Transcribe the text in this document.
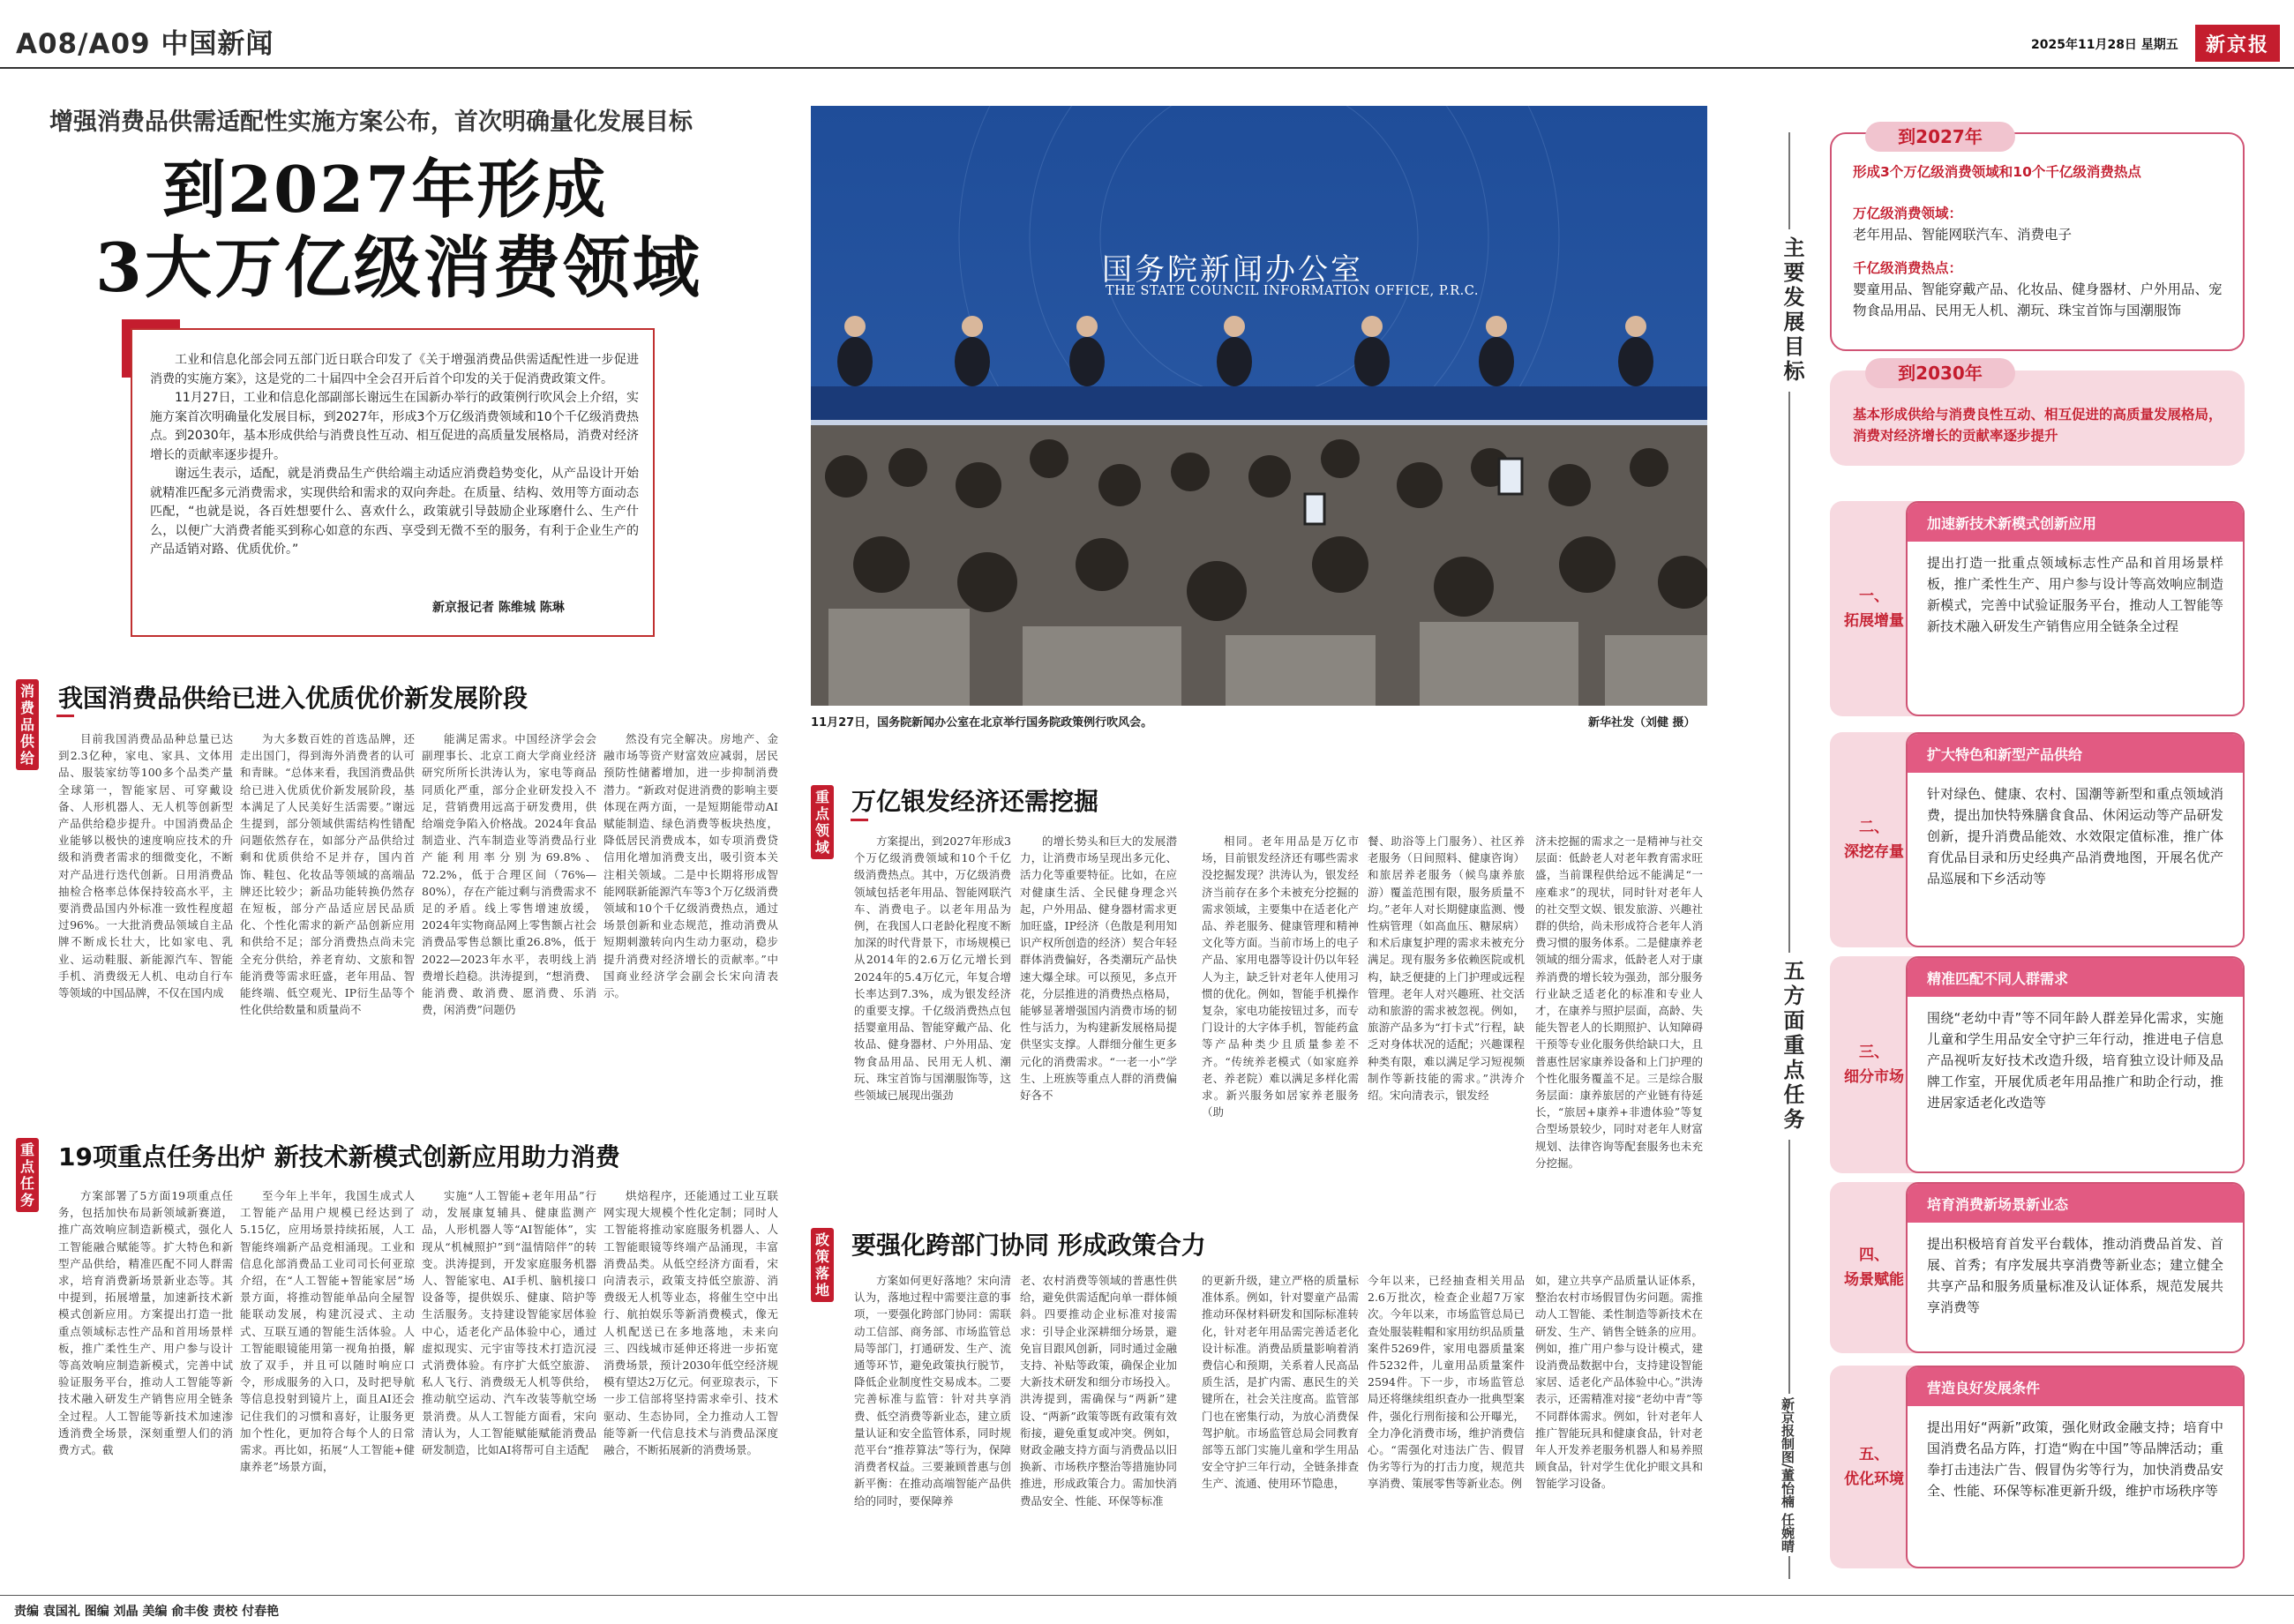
A08/A09 中国新闻	2025年11月28日 星期五	新京报
增强消费品供需适配性实施方案公布，首次明确量化发展目标
到2027年形成
3大万亿级消费领域

工业和信息化部会同五部门近日联合印发了《关于增强消费品供需适配性进一步促进消费的实施方案》，这是党的二十届四中全会召开后首个印发的关于促消费政策文件。

11月27日，工业和信息化部副部长谢远生在国新办举行的政策例行吹风会上介绍，实施方案首次明确量化发展目标，到2027年，形成3个万亿级消费领域和10个千亿级消费热点。到2030年，基本形成供给与消费良性互动、相互促进的高质量发展格局，消费对经济增长的贡献率逐步提升。

谢远生表示，适配，就是消费品生产供给端主动适应消费趋势变化，从产品设计开始就精准匹配多元消费需求，实现供给和需求的双向奔赴。在质量、结构、效用等方面动态匹配，“也就是说，各百姓想要什么、喜欢什么，政策就引导鼓励企业琢磨什么、生产什么，以便广大消费者能买到称心如意的东西、享受到无微不至的服务，有利于企业生产的产品适销对路、优质优价。”

新京报记者 陈维城 陈琳
消费品供给
我国消费品供给已进入优质优价新发展阶段
目前我国消费品品种总量已达到2.3亿种，家电、家具、文体用品、服装家纺等100多个品类产量全球第一，智能家居、可穿戴设备、人形机器人、无人机等创新型产品供给稳步提升。中国消费品企业能够以极快的速度响应技术的升级和消费者需求的细微变化，不断对产品进行迭代创新。日用消费品抽检合格率总体保持较高水平，主要消费品国内外标准一致性程度超过96%。一大批消费品领域自主品牌不断成长壮大，比如家电、乳业、运动鞋服、新能源汽车、智能手机、消费级无人机、电动自行车等领域的中国品牌，不仅在国内成
为大多数百姓的首选品牌，还走出国门，得到海外消费者的认可和青睐。“总体来看，我国消费品供给已进入优质优价新发展阶段，基本满足了人民美好生活需要。”谢远生提到，部分领域供需结构性错配问题依然存在，如部分产品供给过剩和优质供给不足并存，国内首饰、鞋包、化妆品等领域的高端品牌还比较少；新品功能转换仍然存在短板，部分产品适应居民品质化、个性化需求的新产品创新应用和供给不足；部分消费热点尚未完全充分供给，养老育幼、文旅和智能消费等需求旺盛，老年用品、智能终端、低空观光、IP衍生品等个性化供给数量和质量尚不
能满足需求。中国经济学会会副理事长、北京工商大学商业经济研究所所长洪涛认为，家电等商品同质化严重，部分企业研发投入不足，营销费用远高于研发费用，供给端竞争陷入价格战。2024年食品制造业、汽车制造业等消费品行业产能利用率分别为69.8%、72.2%，低于合理区间（76%—80%），存在产能过剩与消费需求不足的矛盾。线上零售增速放缓，2024年实物商品网上零售额占社会消费品零售总额比重26.8%，低于2022—2023年水平，表明线上消费增长趋稳。洪涛提到，“想消费、能消费、敢消费、愿消费、乐消费，闲消费”问题仍
然没有完全解决。房地产、金融市场等资产财富效应减弱，居民预防性储蓄增加，进一步抑制消费潜力。“新政对促进消费的影响主要体现在两方面，一是短期能带动AI赋能制造、绿色消费等板块热度，降低居民消费成本，如专项消费贷信用化增加消费支出，吸引资本关注相关领域。二是中长期将形成智能网联新能源汽车等3个万亿级消费领域和10个千亿级消费热点，通过场景创新和业态规范，推动消费从短期刺激转向内生动力驱动，稳步提升消费对经济增长的贡献率。”中国商业经济学会副会长宋向清表示。
重点任务
19项重点任务出炉 新技术新模式创新应用助力消费
方案部署了5方面19项重点任务，包括加快布局新领域新赛道，推广高效响应制造新模式，强化人工智能融合赋能等。扩大特色和新型产品供给，精准匹配不同人群需求，培育消费新场景新业态等。其中提到，拓展增量，加速新技术新模式创新应用。方案提出打造一批重点领域标志性产品和首用场景样板，推广柔性生产、用户参与设计等高效响应制造新模式，完善中试验证服务平台，推动人工智能等新技术融入研发生产销售应用全链条全过程。人工智能等新技术加速渗透消费全场景，深刻重塑人们的消费方式。截
至今年上半年，我国生成式人工智能产品用户规模已经达到了5.15亿，应用场景持续拓展，人工智能终端新产品竞相涌现。工业和信息化部消费品工业司司长何亚琼介绍，在“人工智能+智能家居”场景方面，将推动智能单品向全屋智能联动发展，构建沉浸式、主动式、互联互通的智能生活体验。人工智能眼镜能用第一视角拍摄，解放了双手，并且可以随时响应口令，形成服务的入口，及时把导航等信息投射到镜片上，面且AI还会记住我们的习惯和喜好，让服务更加个性化，更加符合每个人的日常需求。再比如，拓展“人工智能+健康养老”场景方面，
实施“人工智能+老年用品”行动，发展康复辅具、健康监测产品，人形机器人等“AI智能体”，实现从“机械照护”到“温情陪伴”的转变。洪涛提到，开发家庭服务机器人、智能家电、AI手机、脑机接口设备等，提供娱乐、健康、陪护等生活服务。支持建设智能家居体验中心，适老化产品体验中心，通过虚拟现实、元宇宙等技术打造沉浸式消费体验。有序扩大低空旅游、私人飞行、消费级无人机等供给，推动航空运动、汽车改装等航空场景消费。从人工智能方面看，宋向清认为，人工智能赋能赋能消费品研发制造，比如AI将帮可自主适配
烘焙程序，还能通过工业互联网实现大规模个性化定制；同时人工智能将推动家庭服务机器人、人工智能眼镜等终端产品涌现，丰富消费品类。从低空经济方面看，宋向清表示，政策支持低空旅游、消费级无人机等业态，将催生空中出行、航拍娱乐等新消费模式，像无人机配送已在多地落地，未来向三、四线城市延伸还将进一步拓宽消费场景，预计2030年低空经济规模有望达2万亿元。何亚琼表示，下一步工信部将坚持需求牵引、技术驱动、生态协同，全力推动人工智能等新一代信息技术与消费品深度融合，不断拓展新的消费场景。
国务院新闻办公室
THE STATE COUNCIL INFORMATION OFFICE, P.R.C.
11月27日，国务院新闻办公室在北京举行国务院政策例行吹风会。	新华社发（刘健 摄）
重点领域
万亿银发经济还需挖掘
方案提出，到2027年形成3个万亿级消费领域和10个千亿级消费热点。其中，万亿级消费领域包括老年用品、智能网联汽车、消费电子。以老年用品为例，在我国人口老龄化程度不断加深的时代背景下，市场规模已从2014年的2.6万亿元增长到2024年的5.4万亿元，年复合增长率达到7.3%，成为银发经济的重要支撑。千亿级消费热点包括婴童用品、智能穿戴产品、化妆品、健身器材、户外用品、宠物食品用品、民用无人机、潮玩、珠宝首饰与国潮服饰等，这些领域已展现出强劲
的增长势头和巨大的发展潜力，让消费市场呈现出多元化、活力化等重要特征。比如，在应对健康生活、全民健身理念兴起，户外用品、健身器材需求更加旺盛，IP经济（色散是利用知识产权所创造的经济）契合年轻群体消费偏好，各类潮玩产品快速大爆全球。可以预见，多点开花，分层推进的消费热点格局，能够显著增强国内消费市场的韧性与活力，为构建新发展格局提供坚实支撑。人群细分催生更多元化的消费需求。“一老一小”学生、上班族等重点人群的消费偏好各不
相同。老年用品是万亿市场，目前银发经济还有哪些需求没挖掘发现？洪涛认为，银发经济当前存在多个未被充分挖掘的需求领域，主要集中在适老化产品、养老服务、健康管理和精神文化等方面。当前市场上的电子产品、家用电器等设计仍以年轻人为主，缺乏针对老年人使用习惯的优化。例如，智能手机操作复杂，家电功能按钮过多，而专门设计的大字体手机，智能药盒等产品种类少且质量参差不齐。“传统养老模式（如家庭养老、养老院）难以满足多样化需求。新兴服务如居家养老服务（助
餐、助浴等上门服务）、社区养老服务（日间照料、健康咨询）和旅居养老服务（候鸟康养旅游）覆盖范围有限，服务质量不均。”老年人对长期健康监测、慢性病管理（如高血压、糖尿病）和术后康复护理的需求未被充分满足。现有服务多依赖医院或机构，缺乏便捷的上门护理或远程管理。老年人对兴趣班、社交活动和旅游的需求被忽视。例如，旅游产品多为“打卡式”行程，缺乏对身体状况的适配；兴趣课程种类有限，难以满足学习短视频制作等新技能的需求。”洪涛介绍。宋向清表示，银发经
济未挖掘的需求之一是精神与社交层面：低龄老人对老年教育需求旺盛，当前课程供给远不能满足“一座难求”的现状，同时针对老年人的社交型文娱、银发旅游、兴趣社群的供给，尚未形成符合老年人消费习惯的服务体系。二是健康养老领域的细分需求，低龄老人对于康养消费的增长较为强劲，部分服务行业缺乏适老化的标准和专业人才，在康养与照护层面，高龄、失能失智老人的长期照护、认知障碍干预等专业化服务供给缺口大，且普惠性居家康养设备和上门护理的个性化服务覆盖不足。三是综合服务层面：康养旅居的产业链有待延长，“旅居+康养+非遗体验”等复合型场景较少，同时对老年人财富规划、法律咨询等配套服务也未充分挖掘。
政策落地
要强化跨部门协同 形成政策合力
方案如何更好落地？宋向清认为，落地过程中需要注意的事项，一要强化跨部门协同：需联动工信部、商务部、市场监管总局等部门，打通研发、生产、流通等环节，避免政策执行脱节，降低企业制度性交易成本。二要完善标准与监管：针对共享消费、低空消费等新业态，建立质量认证和安全监管体系，同时规范平台“推荐算法”等行为，保障消费者权益。三要兼顾普惠与创新平衡：在推动高端智能产品供给的同时，要保障养
老、农村消费等领域的普惠性供给，避免供需适配向单一群体倾斜。四要推动企业标准对接需求：引导企业深耕细分场景，避免盲目跟风创新，同时通过金融支持、补贴等政策，确保企业加大新技术研发和细分市场投入。洪涛提到，需确保与“两新”建设、“两新”政策等既有政策有效衔接，避免重复或冲突。例如，财政金融支持方面与消费品以旧换新、市场秩序整治等措施协同推进，形成政策合力。需加快消费品安全、性能、环保等标准
的更新升级，建立严格的质量标准体系。例如，针对婴童产品需推动环保材料研发和国际标准转化，针对老年用品需完善适老化设计标准。消费品质量影响着消费信心和预期，关系着人民高品质生活，是扩内需、惠民生的关键所在，社会关注度高。监管部门也在密集行动，为放心消费保驾护航。市场监管总局会同教育部等五部门实施儿童和学生用品安全守护三年行动，全链条排查生产、流通、使用环节隐患，
今年以来，已经抽查相关用品2.6万批次，检查企业超7万家次。今年以来，市场监管总局已查处服装鞋帽和家用纺织品质量案件5269件，家用电器质量案件5232件，儿童用品质量案件2594件。下一步，市场监管总局还将继续组织查办一批典型案件，强化行刑衔接和公开曝光，全力净化消费市场，维护消费信心。“需强化对违法广告、假冒伪劣等行为的打击力度，规范共享消费、策展零售等新业态。例
如，建立共享产品质量认证体系，整治农村市场假冒伪劣问题。需推动人工智能、柔性制造等新技术在研发、生产、销售全链条的应用。例如，推广用户参与设计模式，建设消费品数据中台，支持建设智能家居、适老化产品体验中心。”洪涛表示，还需精准对接“老幼中青”等不同群体需求。例如，针对老年人推广智能玩具和健康食品，针对老年人开发养老服务机器人和易养照顾食品，针对学生优化护眼文具和智能学习设备。
主要发展目标
五方面重点任务
新京报制图/董怡楠 任婉晴
到2027年
形成3个万亿级消费领域和10个千亿级消费热点
万亿级消费领域：
老年用品、智能网联汽车、消费电子
千亿级消费热点：
婴童用品、智能穿戴产品、化妆品、健身器材、户外用品、宠物食品用品、民用无人机、潮玩、珠宝首饰与国潮服饰
到2030年
基本形成供给与消费良性互动、相互促进的高质量发展格局，消费对经济增长的贡献率逐步提升
一、
拓展增量
加速新技术新模式创新应用
提出打造一批重点领域标志性产品和首用场景样板，推广柔性生产、用户参与设计等高效响应制造新模式，完善中试验证服务平台，推动人工智能等新技术融入研发生产销售应用全链条全过程
二、
深挖存量
扩大特色和新型产品供给
针对绿色、健康、农村、国潮等新型和重点领域消费，提出加快特殊膳食食品、休闲运动等产品研发创新，提升消费品能效、水效限定值标准，推广体育优品目录和历史经典产品消费地图，开展名优产品巡展和下乡活动等
三、
细分市场
精准匹配不同人群需求
围绕“老幼中青”等不同年龄人群差异化需求，实施儿童和学生用品安全守护三年行动，推进电子信息产品视听友好技术改造升级，培育独立设计师及品牌工作室，开展优质老年用品推广和助企行动，推进居家适老化改造等
四、
场景赋能
培育消费新场景新业态
提出积极培育首发平台载体，推动消费品首发、首展、首秀；有序发展共享消费等新业态；建立健全共享产品和服务质量标准及认证体系，规范发展共享消费等
五、
优化环境
营造良好发展条件
提出用好“两新”政策，强化财政金融支持；培育中国消费名品方阵，打造“购在中国”等品牌活动；重拳打击违法广告、假冒伪劣等行为，加快消费品安全、性能、环保等标准更新升级，维护市场秩序等
责编 袁国礼 图编 刘晶 美编 俞丰俊 责校 付春艳
